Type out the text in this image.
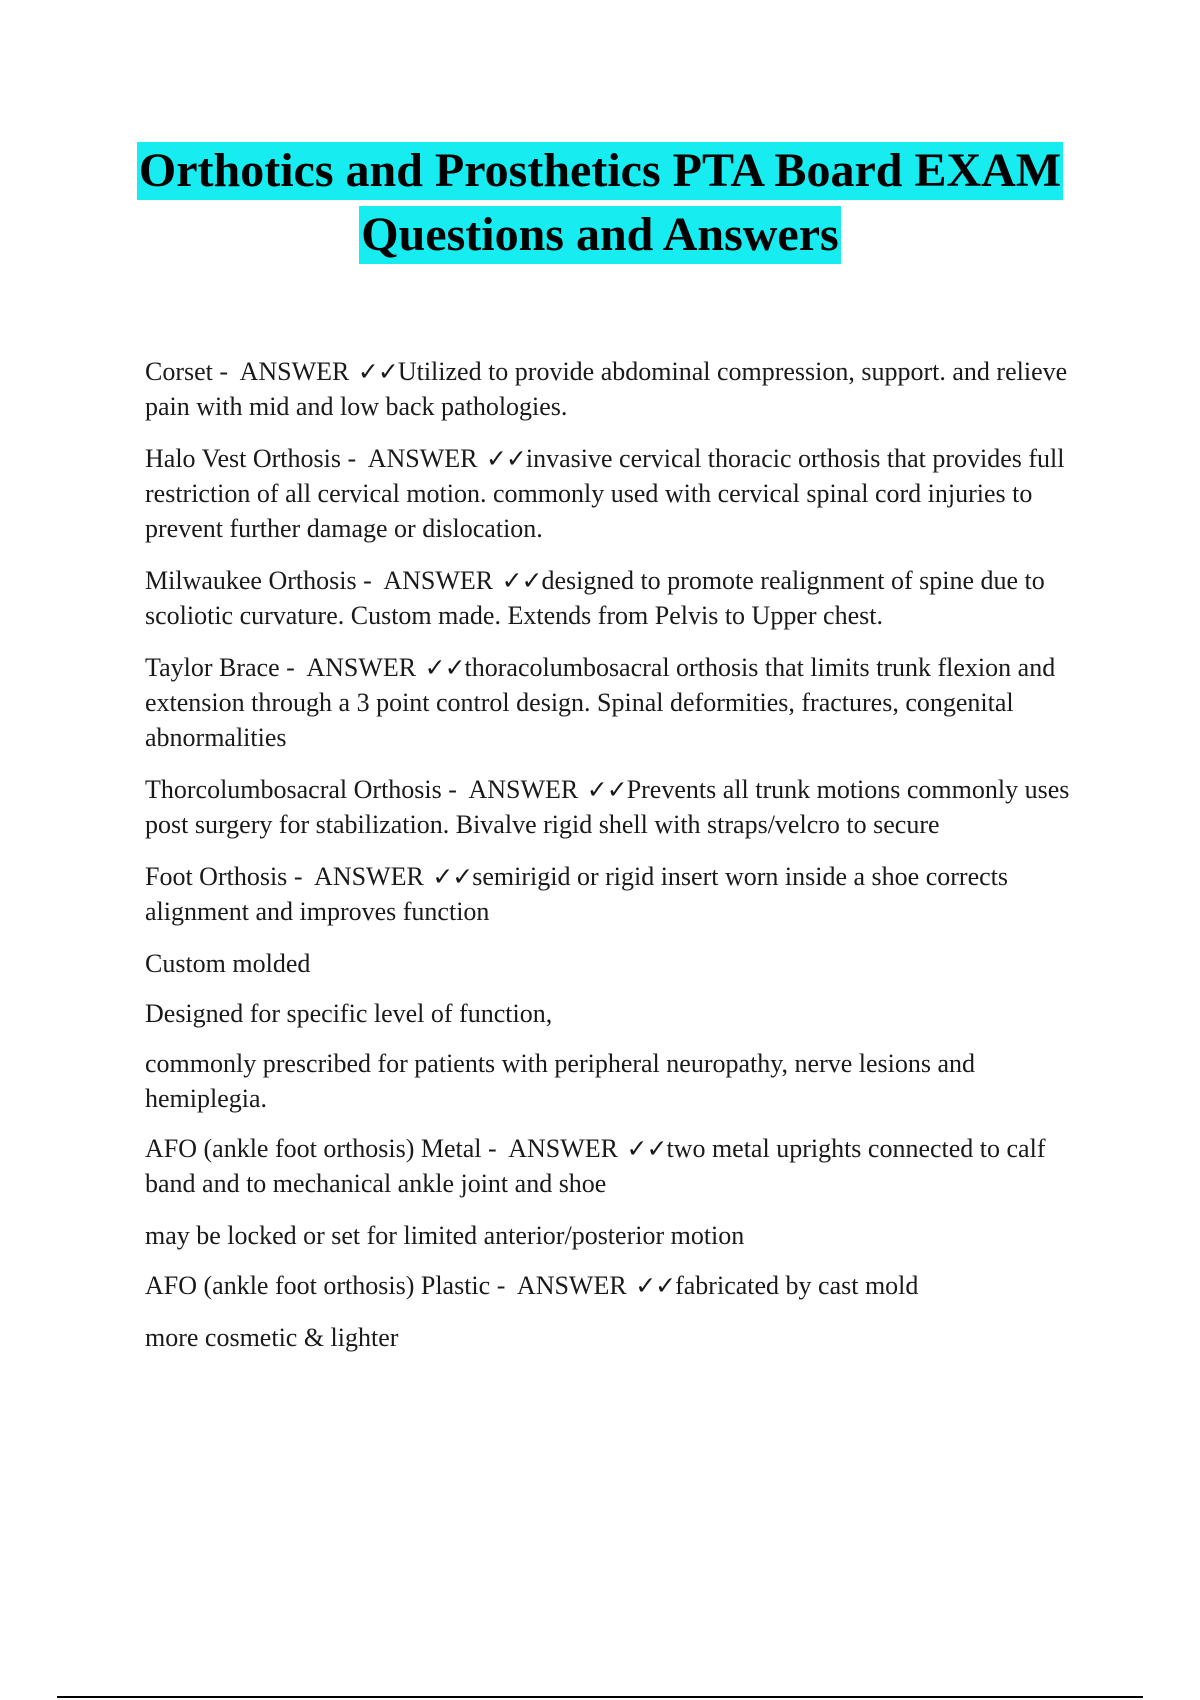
Orthotics and Prosthetics PTA Board EXAM
Questions and Answers

Corset -  ANSWER ✓✓Utilized to provide abdominal compression, support. and relieve pain with mid and low back pathologies.

Halo Vest Orthosis -  ANSWER ✓✓invasive cervical thoracic orthosis that provides full restriction of all cervical motion. commonly used with cervical spinal cord injuries to prevent further damage or dislocation.

Milwaukee Orthosis -  ANSWER ✓✓designed to promote realignment of spine due to scoliotic curvature. Custom made. Extends from Pelvis to Upper chest.

Taylor Brace -  ANSWER ✓✓thoracolumbosacral orthosis that limits trunk flexion and extension through a 3 point control design. Spinal deformities, fractures, congenital abnormalities

Thorcolumbosacral Orthosis -  ANSWER ✓✓Prevents all trunk motions commonly uses post surgery for stabilization. Bivalve rigid shell with straps/velcro to secure

Foot Orthosis -  ANSWER ✓✓semirigid or rigid insert worn inside a shoe corrects alignment and improves function

Custom molded

Designed for specific level of function,

commonly prescribed for patients with peripheral neuropathy, nerve lesions and hemiplegia.

AFO (ankle foot orthosis) Metal -  ANSWER ✓✓two metal uprights connected to calf band and to mechanical ankle joint and shoe

may be locked or set for limited anterior/posterior motion

AFO (ankle foot orthosis) Plastic -  ANSWER ✓✓fabricated by cast mold

more cosmetic & lighter
